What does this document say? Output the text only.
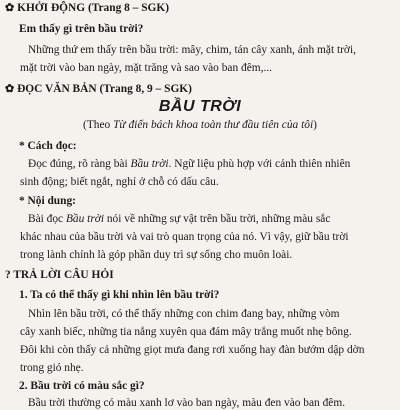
✿ KHỞI ĐỘNG (Trang 8 – SGK)
Em thấy gì trên bầu trời?
Những thứ em thấy trên bầu trời: mây, chim, tán cây xanh, ánh mặt trời,
mặt trời vào ban ngày, mặt trăng và sao vào ban đêm,...
✿ ĐỌC VĂN BẢN (Trang 8, 9 – SGK)
BẦU TRỜI
(Theo Từ điển bách khoa toàn thư đầu tiên của tôi)
* Cách đọc:
Đọc đúng, rõ ràng bài Bầu trời. Ngữ liệu phù hợp với cảnh thiên nhiên
sinh động; biết ngắt, nghỉ ở chỗ có dấu câu.
* Nội dung:
Bài đọc Bầu trời nói về những sự vật trên bầu trời, những màu sắc
khác nhau của bầu trời và vai trò quan trọng của nó. Vì vậy, giữ bầu trời
trong lành chính là góp phần duy trì sự sống cho muôn loài.
? TRẢ LỜI CÂU HỎI
1. Ta có thể thấy gì khi nhìn lên bầu trời?
Nhìn lên bầu trời, có thể thấy những con chim đang bay, những vòm
cây xanh biếc, những tia nắng xuyên qua đám mây trắng muốt nhẹ bông.
Đôi khi còn thấy cả những giọt mưa đang rơi xuống hay đàn bướm dập dờn
trong gió nhẹ.
2. Bầu trời có màu sắc gì?
Bầu trời thường có màu xanh lơ vào ban ngày, màu đen vào ban đêm.
